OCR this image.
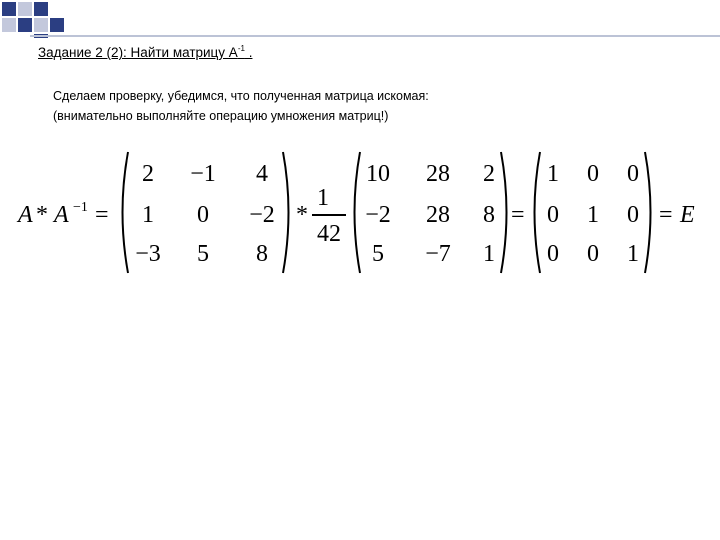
Задание 2 (2): Найти матрицу $А^{-1}$ .
Сделаем проверку, убедимся, что полученная матрица искомая:
(внимательно выполняйте операцию умножения матриц!)
A * A −1 =
2	−1	4
1	0	−2
−3	5	8
*
1
42
10	28	2
−2	28	8
5	−7	1
=
1	0	0
0	1	0
0	0	1
= E
